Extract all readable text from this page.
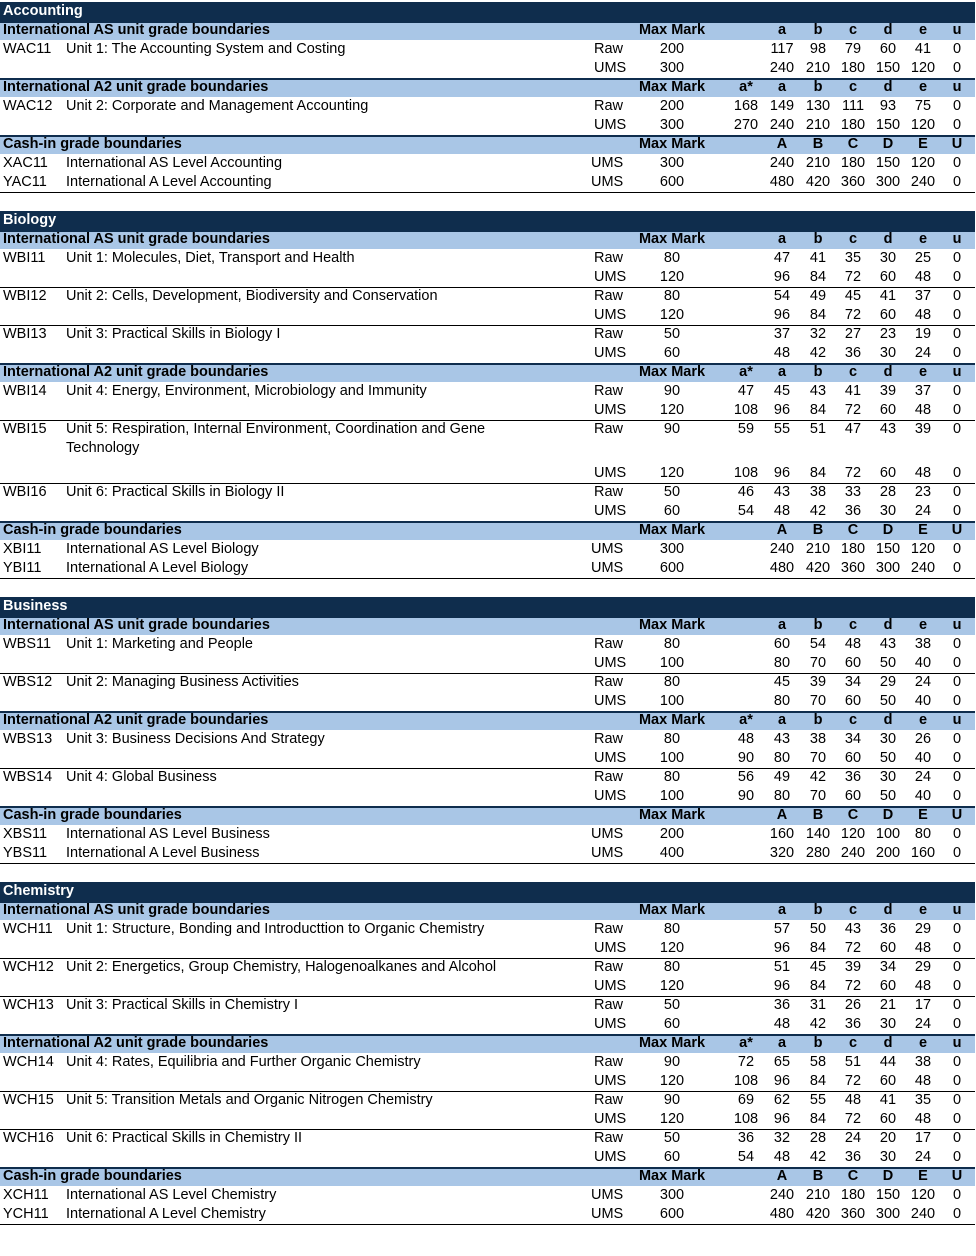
Accounting
International AS unit grade boundaries	Max Mark	a b c d e u
WAC11 Unit 1: The Accounting System and Costing	Raw	200	117 98 79 60 41 0
UMS 300	240 210 180 150 120 0
International A2 unit grade boundaries	Max Mark a* a b c d e u
WAC12 Unit 2: Corporate and Management Accounting	Raw	200	168 149 130 111 93 75 0
UMS 300	270 240 210 180 150 120 0
Cash-in grade boundaries	Max Mark	A B C D E U
XAC11 International AS Level Accounting	UMS	300	240 210 180 150 120 0
YAC11 International A Level Accounting	UMS	600	480 420 360 300 240 0
Biology
International AS unit grade boundaries	Max Mark	a b c d e u
WBI11 Unit 1: Molecules, Diet, Transport and Health	Raw	80	47 41 35 30 25 0
UMS 120	96 84 72 60 48 0
WBI12 Unit 2: Cells, Development, Biodiversity and Conservation	Raw	80	54 49 45 41 37 0
UMS 120	96 84 72 60 48 0
WBI13 Unit 3: Practical Skills in Biology I	Raw	50	37 32 27 23 19 0
UMS	60	48 42 36 30 24 0
International A2 unit grade boundaries	Max Mark a* a b c d e u
WBI14 Unit 4: Energy, Environment, Microbiology and Immunity	Raw	90	47 45 43 41 39 37 0
UMS 120	108 96 84 72 60 48 0
WBI15 Unit 5: Respiration, Internal Environment, Coordination and Gene	Raw	90	59 55 51 47 43 39 0
Technology
UMS 120	108 96 84 72 60 48 0
WBI16 Unit 6: Practical Skills in Biology II	Raw	50	46 43 38 33 28 23 0
UMS	60	54 48 42 36 30 24 0
Cash-in grade boundaries	Max Mark	A B C D E U
XBI11 International AS Level Biology	UMS	300	240 210 180 150 120 0
YBI11 International A Level Biology	UMS	600	480 420 360 300 240 0
Business
International AS unit grade boundaries	Max Mark	a b c d e u
WBS11 Unit 1: Marketing and People	Raw	80	60 54 48 43 38 0
UMS 100	80 70 60 50 40 0
WBS12 Unit 2: Managing Business Activities	Raw	80	45 39 34 29 24 0
UMS 100	80 70 60 50 40 0
International A2 unit grade boundaries	Max Mark a* a b c d e u
WBS13 Unit 3: Business Decisions And Strategy	Raw	80	48 43 38 34 30 26 0
UMS 100	90 80 70 60 50 40 0
WBS14 Unit 4: Global Business	Raw	80	56 49 42 36 30 24 0
UMS 100	90 80 70 60 50 40 0
Cash-in grade boundaries	Max Mark	A B C D E U
XBS11 International AS Level Business	UMS	200	160 140 120 100 80 0
YBS11 International A Level Business	UMS	400	320 280 240 200 160 0
Chemistry
International AS unit grade boundaries	Max Mark	a b c d e u
WCH11 Unit 1: Structure, Bonding and Introducttion to Organic Chemistry	Raw	80	57 50 43 36 29 0
UMS 120	96 84 72 60 48 0
WCH12 Unit 2: Energetics, Group Chemistry, Halogenoalkanes and Alcohol	Raw	80	51 45 39 34 29 0
UMS 120	96 84 72 60 48 0
WCH13 Unit 3: Practical Skills in Chemistry I	Raw	50	36 31 26 21 17 0
UMS	60	48 42 36 30 24 0
International A2 unit grade boundaries	Max Mark a* a b c d e u
WCH14 Unit 4: Rates, Equilibria and Further Organic Chemistry	Raw	90	72 65 58 51 44 38 0
UMS 120	108 96 84 72 60 48 0
WCH15 Unit 5: Transition Metals and Organic Nitrogen Chemistry	Raw	90	69 62 55 48 41 35 0
UMS 120	108 96 84 72 60 48 0
WCH16 Unit 6: Practical Skills in Chemistry II	Raw	50	36 32 28 24 20 17 0
UMS	60	54 48 42 36 30 24 0
Cash-in grade boundaries	Max Mark	A B C D E U
XCH11 International AS Level Chemistry	UMS	300	240 210 180 150 120 0
YCH11 International A Level Chemistry	UMS	600	480 420 360 300 240 0
